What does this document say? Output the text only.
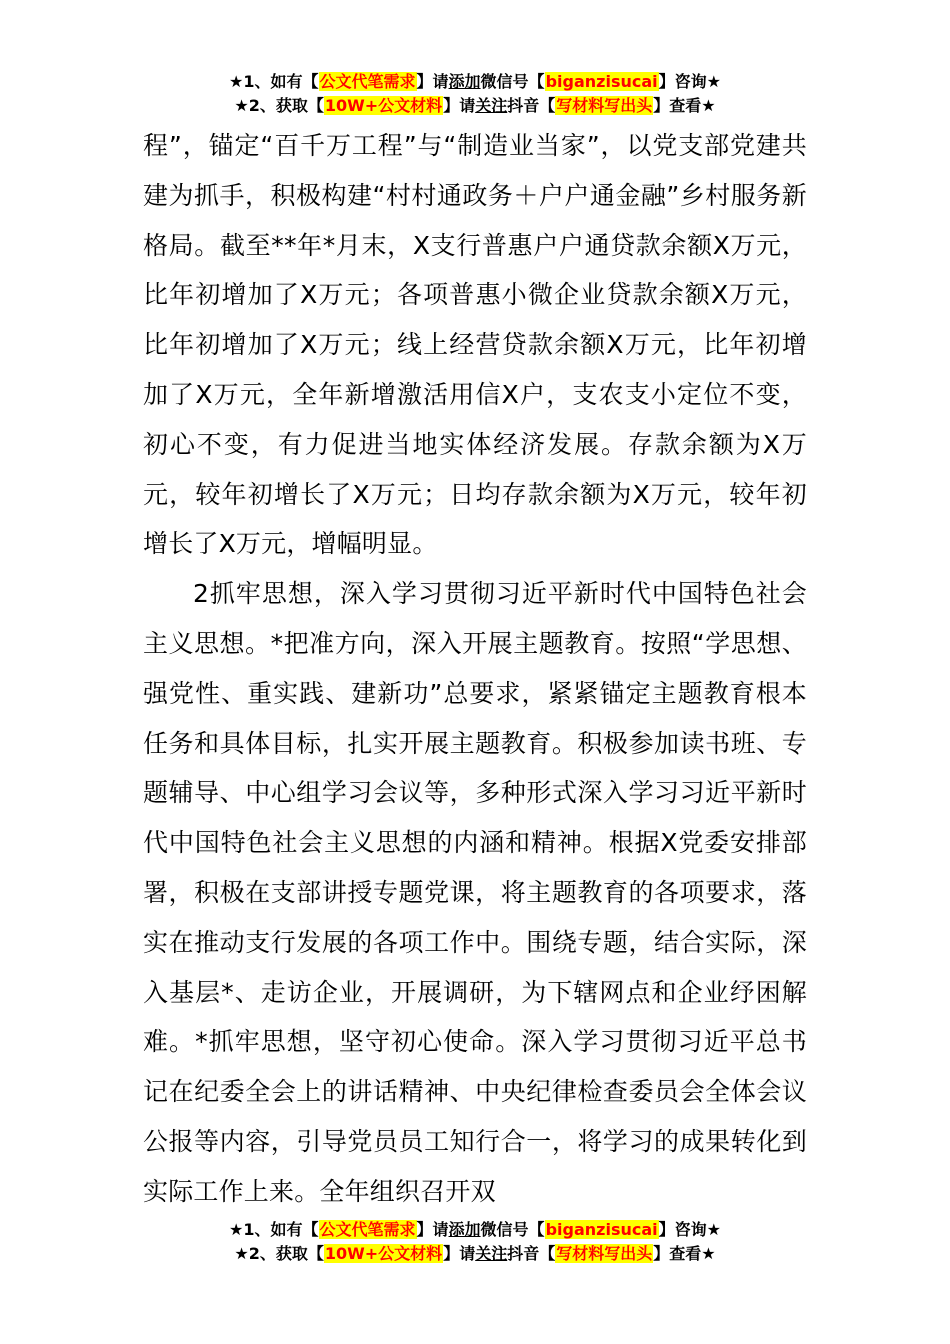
★1、如有【公文代笔需求】请添加微信号【biganzisucai】咨询★
★2、获取【10W+公文材料】请关注抖音【写材料写出头】查看★

程”，锚定“百千万工程”与“制造业当家”，以党支部党建共建为抓手，积极构建“村村通政务＋户户通金融”乡村服务新格局。截至**年*月末，X支行普惠户户通贷款余额X万元，比年初增加了X万元；各项普惠小微企业贷款余额X万元，比年初增加了X万元；线上经营贷款余额X万元，比年初增加了X万元，全年新增激活用信X户，支农支小定位不变，初心不变，有力促进当地实体经济发展。存款余额为X万元，较年初增长了X万元；日均存款余额为X万元，较年初增长了X万元，增幅明显。

2抓牢思想，深入学习贯彻习近平新时代中国特色社会主义思想。*把准方向，深入开展主题教育。按照“学思想、强党性、重实践、建新功”总要求，紧紧锚定主题教育根本任务和具体目标，扎实开展主题教育。积极参加读书班、专题辅导、中心组学习会议等，多种形式深入学习习近平新时代中国特色社会主义思想的内涵和精神。根据X党委安排部署，积极在支部讲授专题党课，将主题教育的各项要求，落实在推动支行发展的各项工作中。围绕专题，结合实际，深入基层*、走访企业，开展调研，为下辖网点和企业纾困解难。*抓牢思想，坚守初心使命。深入学习贯彻习近平总书记在纪委全会上的讲话精神、中央纪律检查委员会全体会议公报等内容，引导党员员工知行合一，将学习的成果转化到实际工作上来。全年组织召开双

★1、如有【公文代笔需求】请添加微信号【biganzisucai】咨询★
★2、获取【10W+公文材料】请关注抖音【写材料写出头】查看★
